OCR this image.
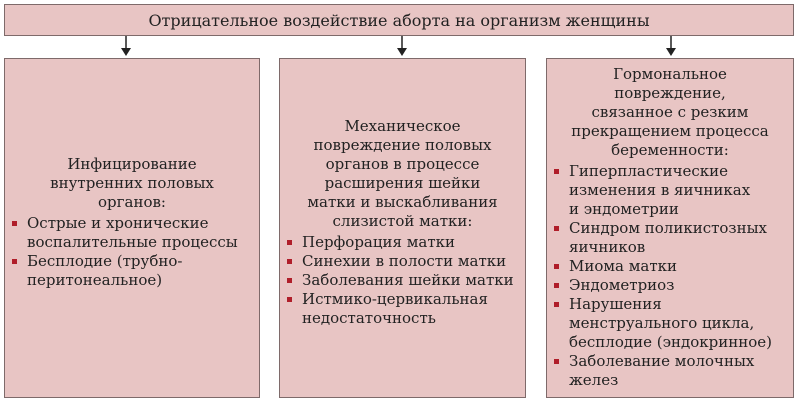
Отрицательное воздействие аборта на организм женщины
Инфицирование
внутренних половых
органов:
Острые и хронические
воспалительные процессы
Бесплодие (трубно-
перитонеальное)
Механическое
повреждение половых
органов в процессе
расширения шейки
матки и выскабливания
слизистой матки:
Перфорация матки
Синехии в полости матки
Заболевания шейки матки
Истмико-цервикальная
недостаточность
Гормональное повреждение,
связанное с резким
прекращением процесса
беременности:
Гиперпластические
изменения в яичниках
и эндометрии
Синдром поликистозных
яичников
Миома матки
Эндометриоз
Нарушения
менструального цикла,
бесплодие (эндокринное)
Заболевание молочных
желез
